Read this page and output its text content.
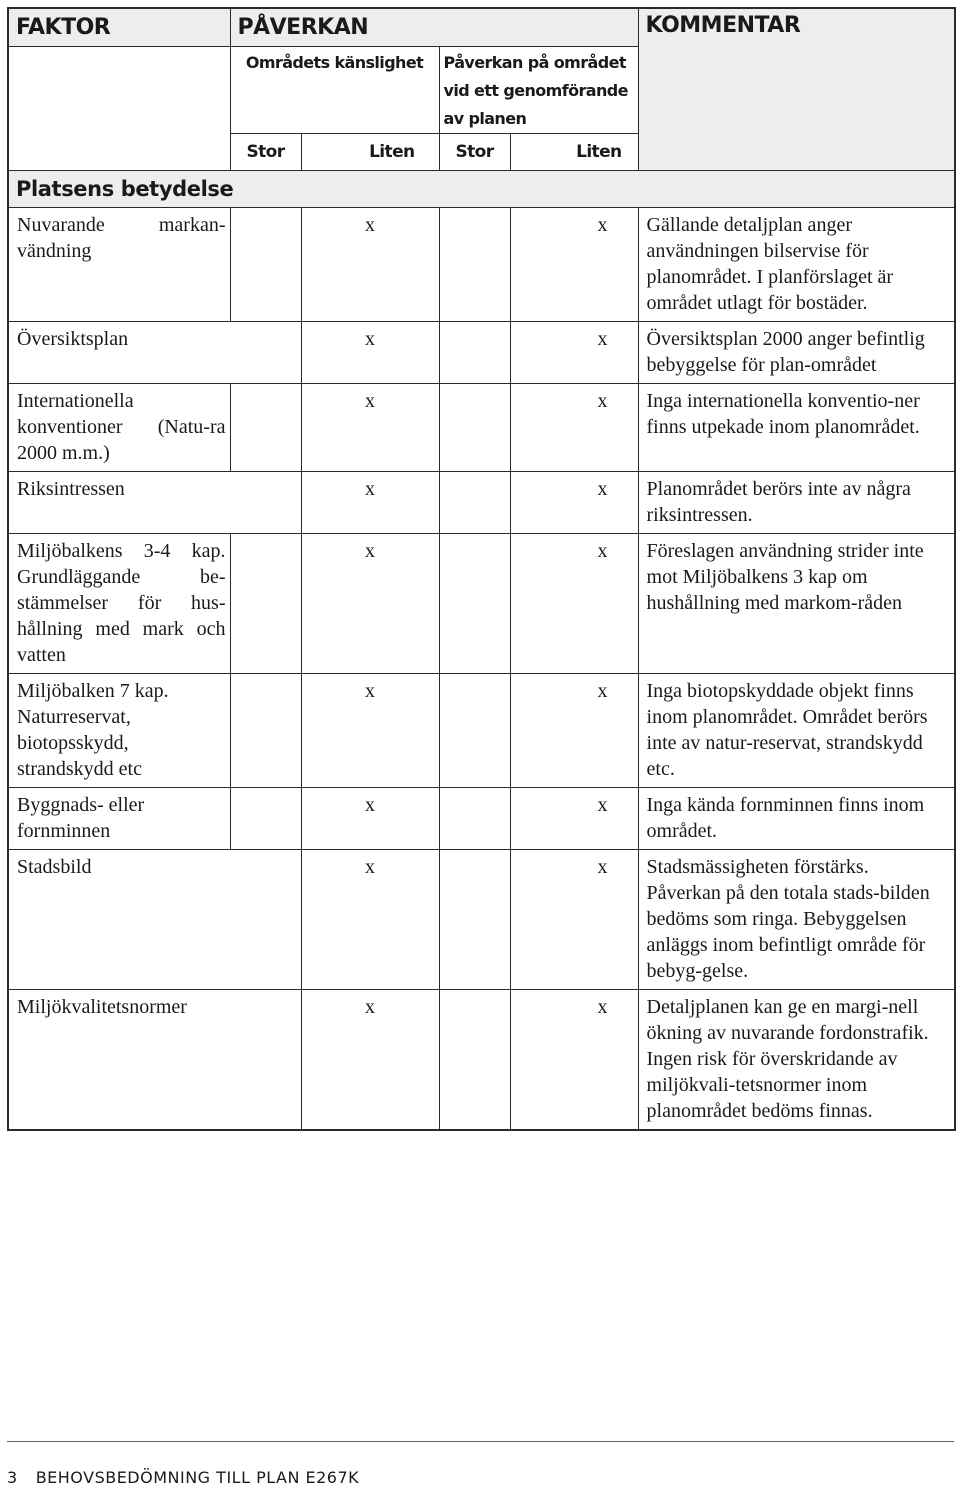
FAKTOR	PÅVERKAN				KOMMENTAR
	Områdets känslighet		Påverkan på området
vid ett genomförande
av planen		

	Stor	Liten	Stor	Liten	
Platsens betydelse					
Nuvarande markan-vändning		x		x	Gällande detaljplan anger användningen bilservise för planområdet. I planförslaget är området utlagt för bostäder.
Översiktsplan		x		x	Översiktsplan 2000 anger befintlig bebyggelse för plan-området
Internationella konventioner (Natu-ra 2000 m.m.)		x		x	Inga internationella konventio-ner finns utpekade inom planområdet.
Riksintressen		x		x	Planområdet berörs inte av några riksintressen.
Miljöbalkens 3-4 kap. Grundläggande be-stämmelser för hus-hållning med mark och vatten		x		x	Föreslagen användning strider inte mot Miljöbalkens 3 kap om hushållning med markom-råden
Miljöbalken 7 kap. Naturreservat, biotopsskydd, strandskydd etc		x		x	Inga biotopskyddade objekt finns inom planområdet. Området berörs inte av natur-reservat, strandskydd etc.
Byggnads- eller fornminnen		x		x	Inga kända fornminnen finns inom området.
Stadsbild		x		x	Stadsmässigheten förstärks. Påverkan på den totala stads-bilden bedöms som ringa. Bebyggelsen anläggs inom befintligt område för bebyg-gelse.
Miljökvalitetsnormer		x		x	Detaljplanen kan ge en margi-nell ökning av nuvarande fordonstrafik. Ingen risk för överskridande av miljökvali-tetsnormer inom planområdet bedöms finnas.
3 BEHOVSBEDÖMNING TILL PLAN E267K
